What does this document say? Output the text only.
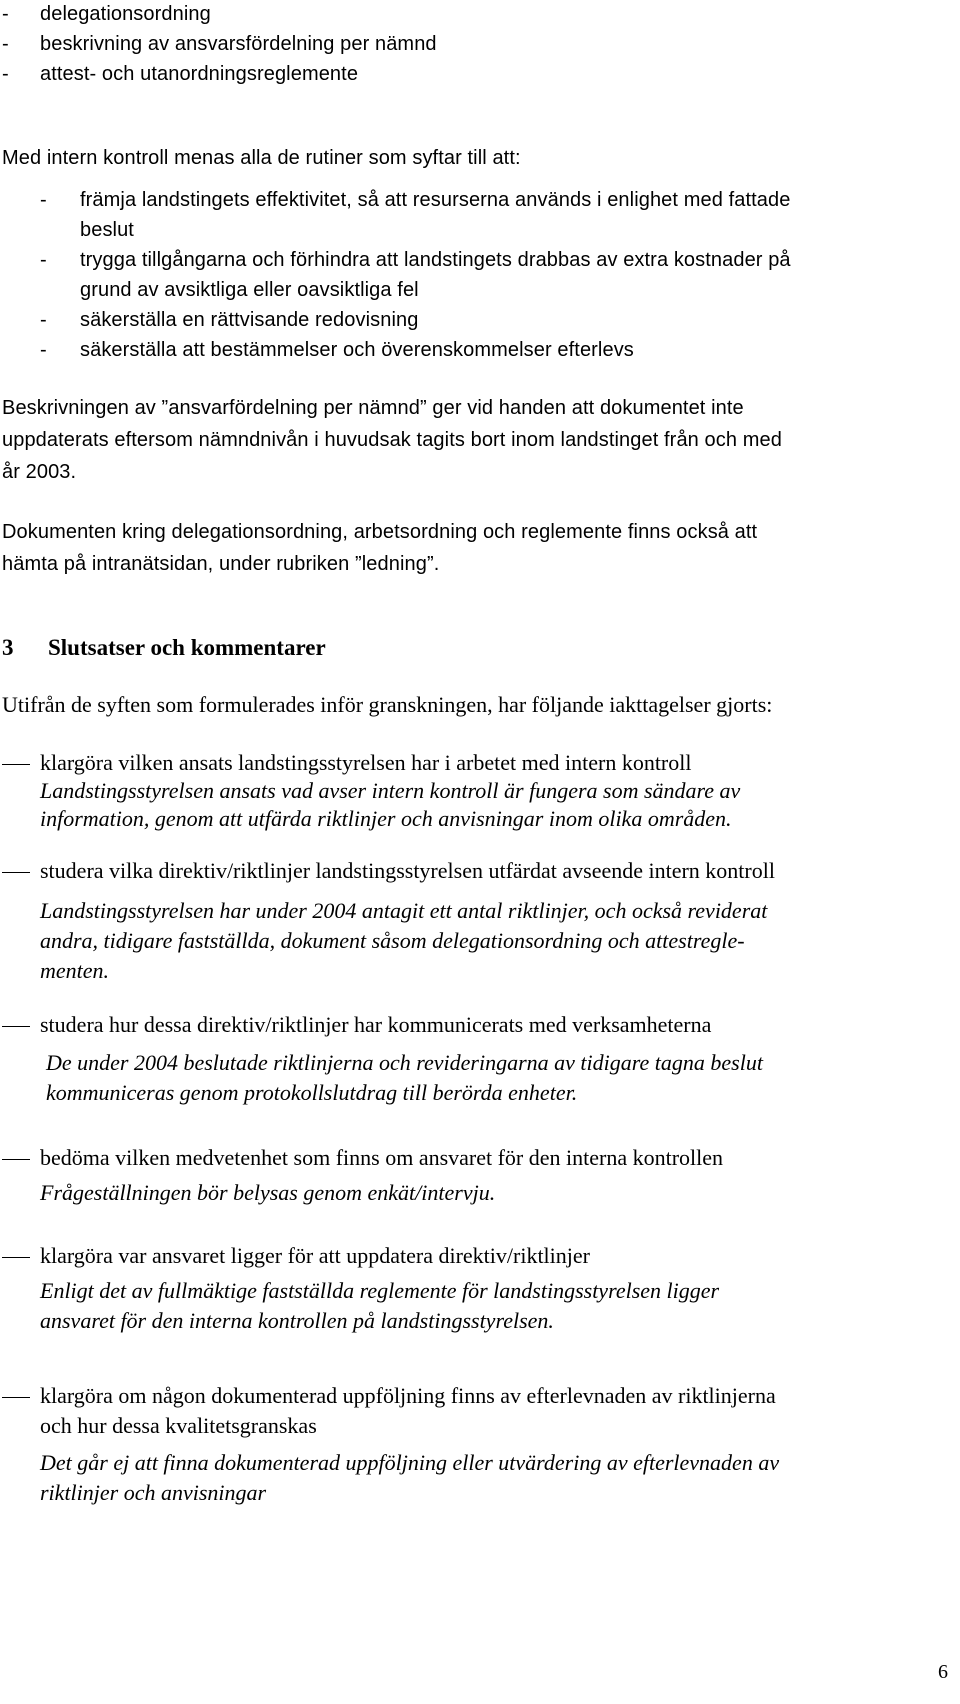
- delegationsordning
- beskrivning av ansvarsfördelning per nämnd
- attest- och utanordningsreglemente
Med intern kontroll menas alla de rutiner som syftar till att:
- främja landstingets effektivitet, så att resurserna används i enlighet med fattade
beslut
- trygga tillgångarna och förhindra att landstingets drabbas av extra kostnader på
grund av avsiktliga eller oavsiktliga fel
- säkerställa en rättvisande redovisning
- säkerställa att bestämmelser och överenskommelser efterlevs
Beskrivningen av ”ansvarfördelning per nämnd” ger vid handen att dokumentet inte
uppdaterats eftersom nämndnivån i huvudsak tagits bort inom landstinget från och med
år 2003.
Dokumenten kring delegationsordning, arbetsordning och reglemente finns också att
hämta på intranätsidan, under rubriken ”ledning”.
3 Slutsatser och kommentarer
Utifrån de syften som formulerades inför granskningen, har följande iakttagelser gjorts:
klargöra vilken ansats landstingsstyrelsen har i arbetet med intern kontroll
Landstingsstyrelsen ansats vad avser intern kontroll är fungera som sändare av
information, genom att utfärda riktlinjer och anvisningar inom olika områden.
studera vilka direktiv/riktlinjer landstingsstyrelsen utfärdat avseende intern kontroll
Landstingsstyrelsen har under 2004 antagit ett antal riktlinjer, och också reviderat
andra, tidigare fastställda, dokument såsom delegationsordning och attestregle-
menten.
studera hur dessa direktiv/riktlinjer har kommunicerats med verksamheterna
De under 2004 beslutade riktlinjerna och revideringarna av tidigare tagna beslut
kommuniceras genom protokollslutdrag till berörda enheter.
bedöma vilken medvetenhet som finns om ansvaret för den interna kontrollen
Frågeställningen bör belysas genom enkät/intervju.
klargöra var ansvaret ligger för att uppdatera direktiv/riktlinjer
Enligt det av fullmäktige fastställda reglemente för landstingsstyrelsen ligger
ansvaret för den interna kontrollen på landstingsstyrelsen.
klargöra om någon dokumenterad uppföljning finns av efterlevnaden av riktlinjerna
och hur dessa kvalitetsgranskas
Det går ej att finna dokumenterad uppföljning eller utvärdering av efterlevnaden av
riktlinjer och anvisningar
6
